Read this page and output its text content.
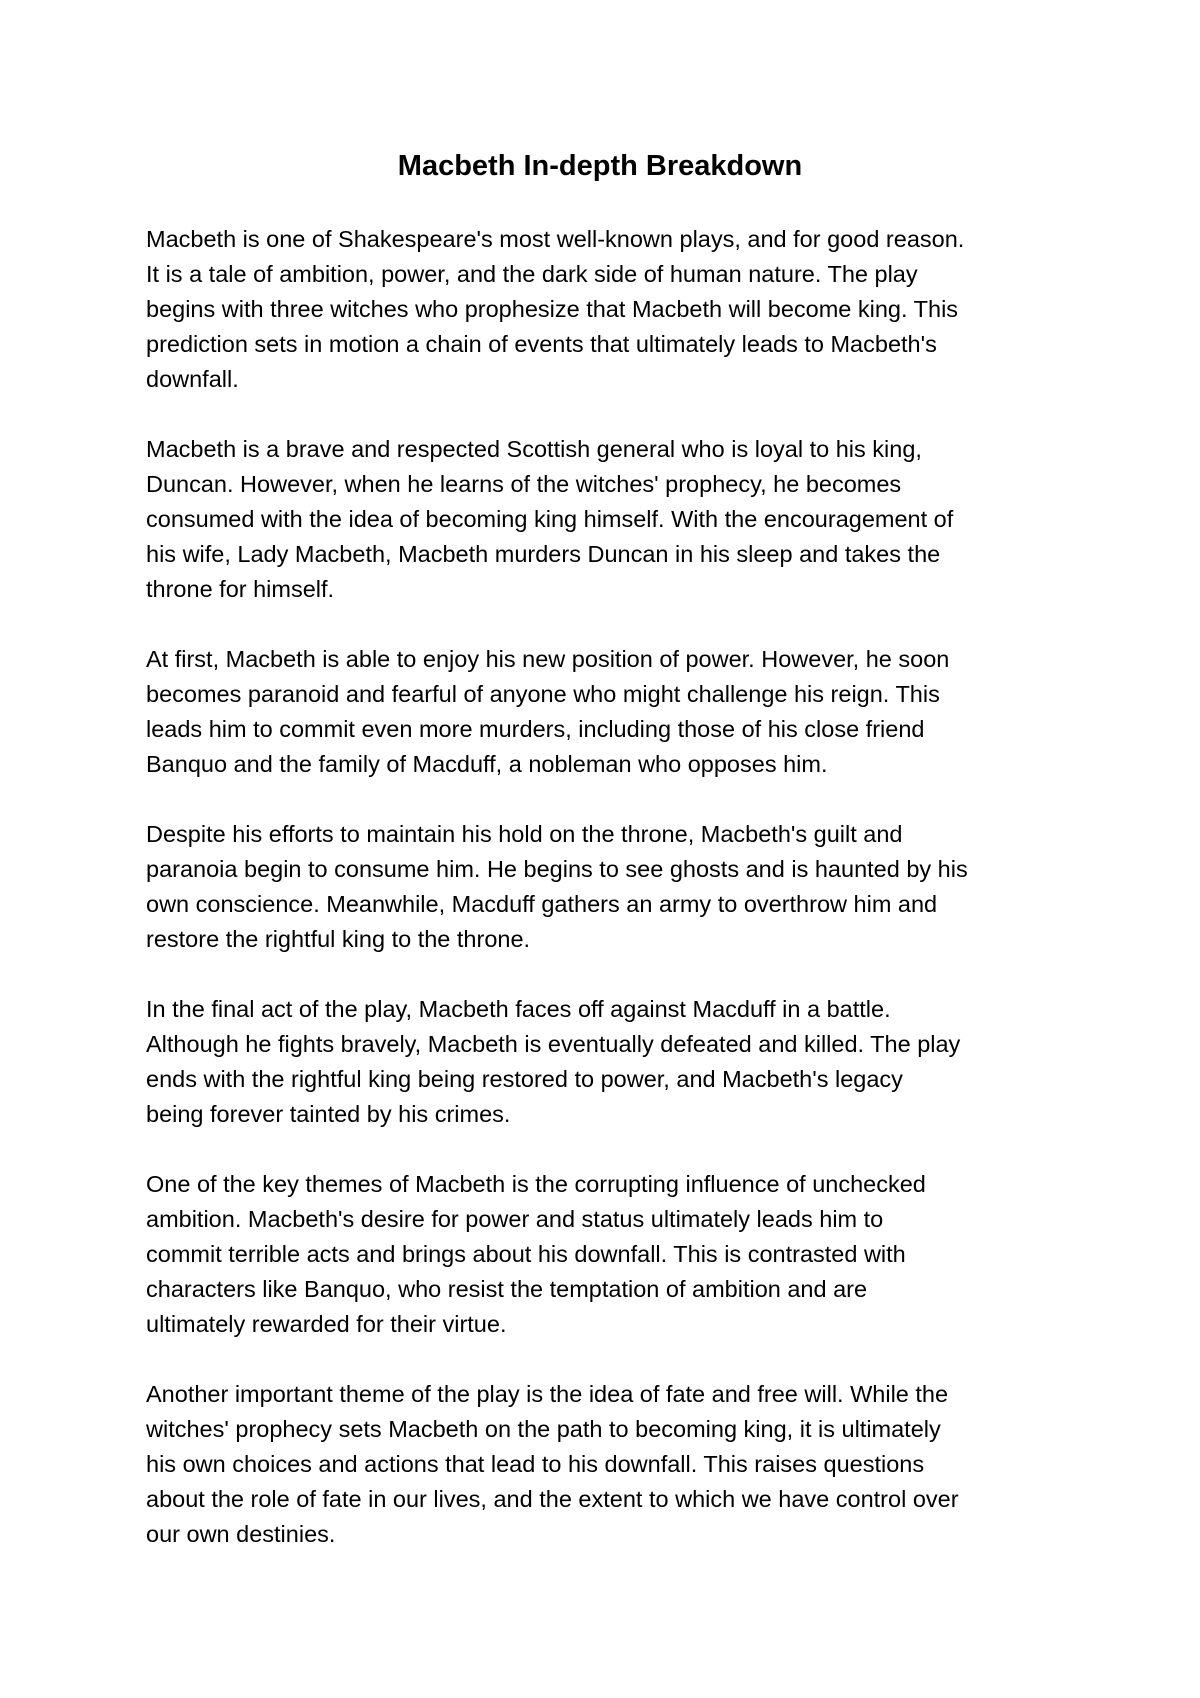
Macbeth In-depth Breakdown

Macbeth is one of Shakespeare's most well-known plays, and for good reason.
It is a tale of ambition, power, and the dark side of human nature. The play
begins with three witches who prophesize that Macbeth will become king. This
prediction sets in motion a chain of events that ultimately leads to Macbeth's
downfall.

Macbeth is a brave and respected Scottish general who is loyal to his king,
Duncan. However, when he learns of the witches' prophecy, he becomes
consumed with the idea of becoming king himself. With the encouragement of
his wife, Lady Macbeth, Macbeth murders Duncan in his sleep and takes the
throne for himself.

At first, Macbeth is able to enjoy his new position of power. However, he soon
becomes paranoid and fearful of anyone who might challenge his reign. This
leads him to commit even more murders, including those of his close friend
Banquo and the family of Macduff, a nobleman who opposes him.

Despite his efforts to maintain his hold on the throne, Macbeth's guilt and
paranoia begin to consume him. He begins to see ghosts and is haunted by his
own conscience. Meanwhile, Macduff gathers an army to overthrow him and
restore the rightful king to the throne.

In the final act of the play, Macbeth faces off against Macduff in a battle.
Although he fights bravely, Macbeth is eventually defeated and killed. The play
ends with the rightful king being restored to power, and Macbeth's legacy
being forever tainted by his crimes.

One of the key themes of Macbeth is the corrupting influence of unchecked
ambition. Macbeth's desire for power and status ultimately leads him to
commit terrible acts and brings about his downfall. This is contrasted with
characters like Banquo, who resist the temptation of ambition and are
ultimately rewarded for their virtue.

Another important theme of the play is the idea of fate and free will. While the
witches' prophecy sets Macbeth on the path to becoming king, it is ultimately
his own choices and actions that lead to his downfall. This raises questions
about the role of fate in our lives, and the extent to which we have control over
our own destinies.
